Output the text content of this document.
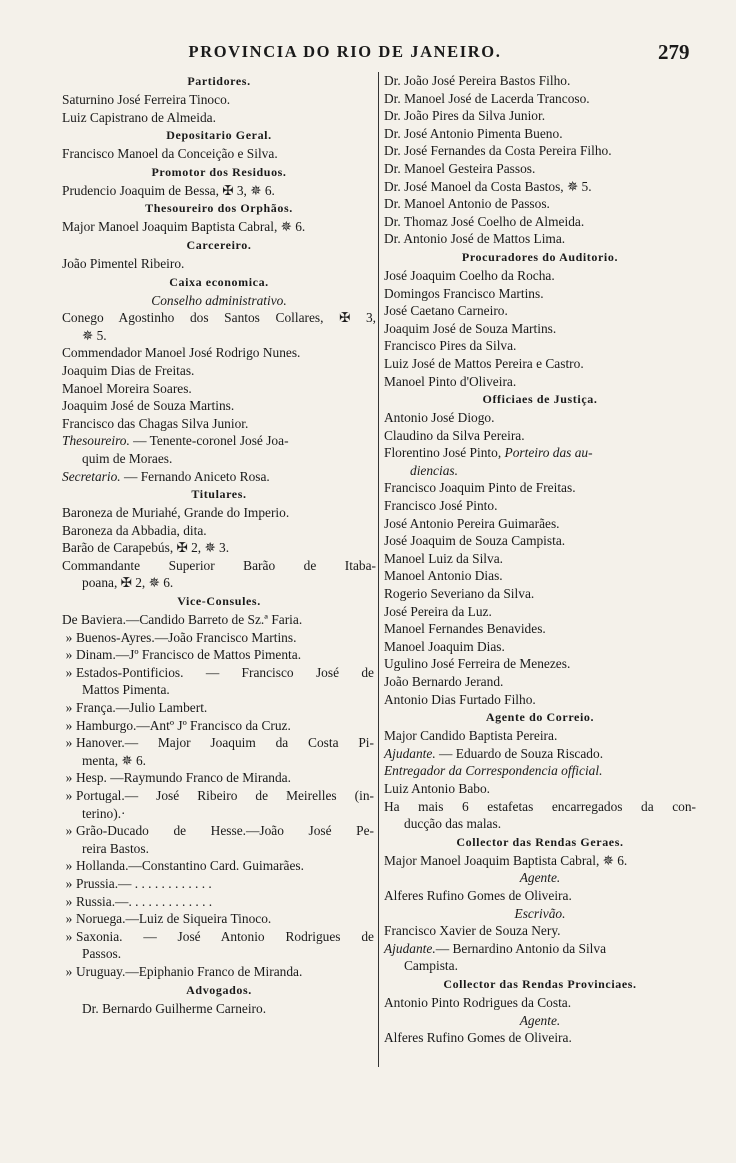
PROVINCIA DO RIO DE JANEIRO.	279
Partidores.
Saturnino José Ferreira Tinoco.
Luiz Capistrano de Almeida.
Depositario Geral.
Francisco Manoel da Conceição e Silva.
Promotor dos Residuos.
Prudencio Joaquim de Bessa, ✠ 3, ✵ 6.
Thesoureiro dos Orphãos.
Major Manoel Joaquim Baptista Cabral, ✵ 6.
Carcereiro.
João Pimentel Ribeiro.
Caixa economica.
Conselho administrativo.
Conego Agostinho dos Santos Collares, ✠ 3,
✵ 5.
Commendador Manoel José Rodrigo Nunes.
Joaquim Dias de Freitas.
Manoel Moreira Soares.
Joaquim José de Souza Martins.
Francisco das Chagas Silva Junior.
Thesoureiro. — Tenente-coronel José Joa-
quim de Moraes.
Secretario. — Fernando Aniceto Rosa.
Titulares.
Baroneza de Muriahé, Grande do Imperio.
Baroneza da Abbadia, dita.
Barão de Carapebús, ✠ 2, ✵ 3.
Commandante Superior Barão de Itaba-
poana, ✠ 2, ✵ 6.
Vice-Consules.
De Baviera.—Candido Barreto de Sz.ª Faria.
» Buenos-Ayres.—João Francisco Martins.
» Dinam.—Jº Francisco de Mattos Pimenta.
» Estados-Pontificios. — Francisco José de
Mattos Pimenta.
» França.—Julio Lambert.
» Hamburgo.—Antº Jº Francisco da Cruz.
» Hanover.— Major Joaquim da Costa Pi-
menta, ✵ 6.
» Hesp. —Raymundo Franco de Miranda.
» Portugal.— José Ribeiro de Meirelles (in-
terino).·
» Grão-Ducado de Hesse.—João José Pe-
reira Bastos.
» Hollanda.—Constantino Card. Guimarães.
» Prussia.— . . . . . . . . . . . .
» Russia.—. . . . . . . . . . . . .
» Noruega.—Luiz de Siqueira Tinoco.
» Saxonia. — José Antonio Rodrigues de
Passos.
» Uruguay.—Epiphanio Franco de Miranda.
Advogados.
Dr. Bernardo Guilherme Carneiro.
Dr. João José Pereira Bastos Filho.
Dr. Manoel José de Lacerda Trancoso.
Dr. João Pires da Silva Junior.
Dr. José Antonio Pimenta Bueno.
Dr. José Fernandes da Costa Pereira Filho.
Dr. Manoel Gesteira Passos.
Dr. José Manoel da Costa Bastos, ✵ 5.
Dr. Manoel Antonio de Passos.
Dr. Thomaz José Coelho de Almeida.
Dr. Antonio José de Mattos Lima.
Procuradores do Auditorio.
José Joaquim Coelho da Rocha.
Domingos Francisco Martins.
José Caetano Carneiro.
Joaquim José de Souza Martins.
Francisco Pires da Silva.
Luiz José de Mattos Pereira e Castro.
Manoel Pinto d'Oliveira.
Officiaes de Justiça.
Antonio José Diogo.
Claudino da Silva Pereira.
Florentino José Pinto, Porteiro das au-
diencias.
Francisco Joaquim Pinto de Freitas.
Francisco José Pinto.
José Antonio Pereira Guimarães.
José Joaquim de Souza Campista.
Manoel Luiz da Silva.
Manoel Antonio Dias.
Rogerio Severiano da Silva.
José Pereira da Luz.
Manoel Fernandes Benavides.
Manoel Joaquim Dias.
Ugulino José Ferreira de Menezes.
João Bernardo Jerand.
Antonio Dias Furtado Filho.
Agente do Correio.
Major Candido Baptista Pereira.
Ajudante. — Eduardo de Souza Riscado.
Entregador da Correspondencia official.
Luiz Antonio Babo.
Ha mais 6 estafetas encarregados da con-
ducção das malas.
Collector das Rendas Geraes.
Major Manoel Joaquim Baptista Cabral, ✵ 6.
Agente.
Alferes Rufino Gomes de Oliveira.
Escrivão.
Francisco Xavier de Souza Nery.
Ajudante.— Bernardino Antonio da Silva
Campista.
Collector das Rendas Provinciaes.
Antonio Pinto Rodrigues da Costa.
Agente.
Alferes Rufino Gomes de Oliveira.
